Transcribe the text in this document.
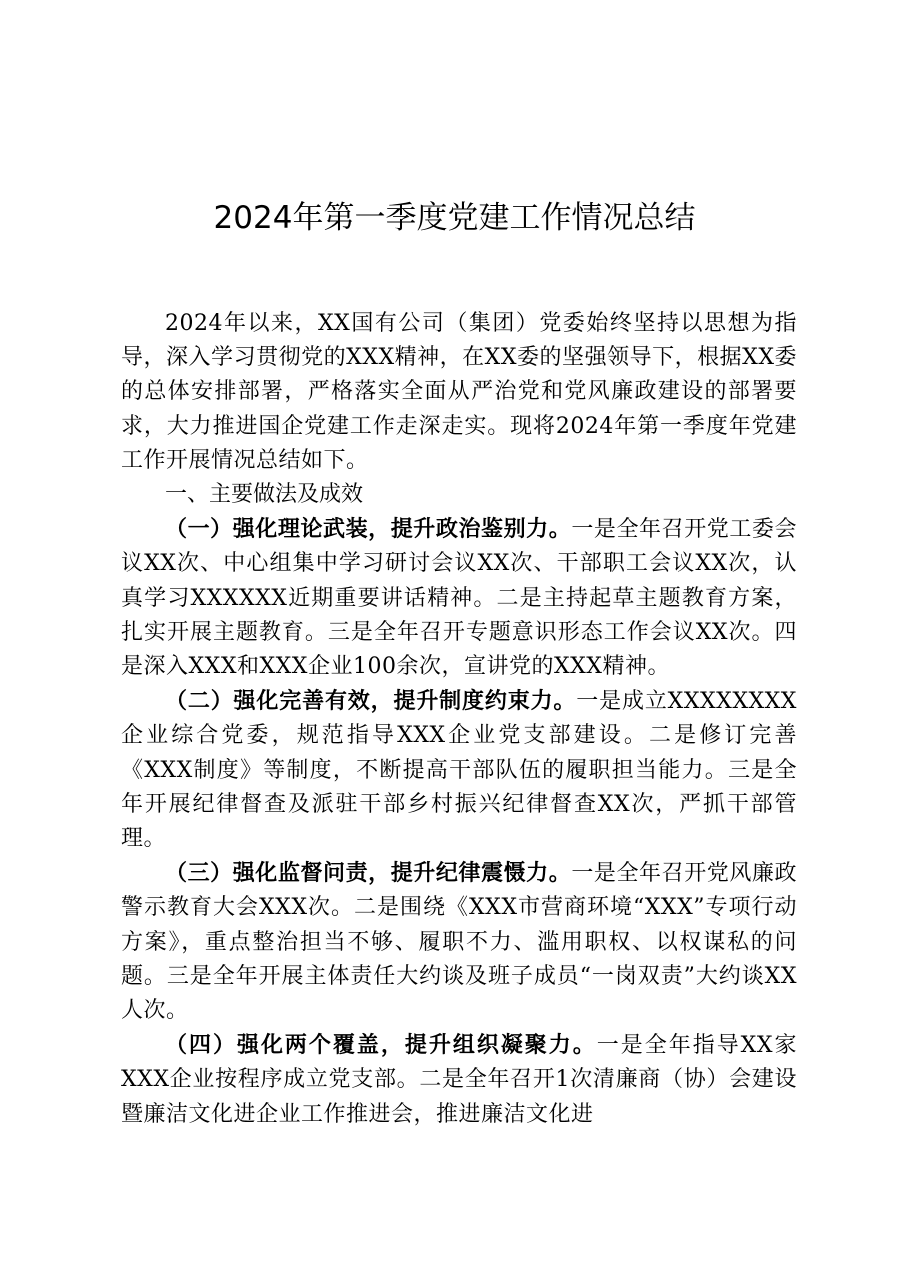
2024年第一季度党建工作情况总结

2024年以来，XX国有公司（集团）党委始终坚持以思想为指导，深入学习贯彻党的XXX精神，在XX委的坚强领导下，根据XX委的总体安排部署，严格落实全面从严治党和党风廉政建设的部署要求，大力推进国企党建工作走深走实。现将2024年第一季度年党建工作开展情况总结如下。

一、主要做法及成效

（一）强化理论武装，提升政治鉴别力。一是全年召开党工委会议XX次、中心组集中学习研讨会议XX次、干部职工会议XX次，认真学习XXXXXX近期重要讲话精神。二是主持起草主题教育方案，扎实开展主题教育。三是全年召开专题意识形态工作会议XX次。四是深入XXX和XXX企业100余次，宣讲党的XXX精神。

（二）强化完善有效，提升制度约束力。一是成立XXXXXXXX企业综合党委，规范指导XXX企业党支部建设。二是修订完善《XXX制度》等制度，不断提高干部队伍的履职担当能力。三是全年开展纪律督查及派驻干部乡村振兴纪律督查XX次，严抓干部管理。

（三）强化监督问责，提升纪律震慑力。一是全年召开党风廉政警示教育大会XXX次。二是围绕《XXX市营商环境“XXX”专项行动方案》，重点整治担当不够、履职不力、滥用职权、以权谋私的问题。三是全年开展主体责任大约谈及班子成员“一岗双责”大约谈XX人次。

（四）强化两个覆盖，提升组织凝聚力。一是全年指导XX家XXX企业按程序成立党支部。二是全年召开1次清廉商（协）会建设暨廉洁文化进企业工作推进会，推进廉洁文化进
